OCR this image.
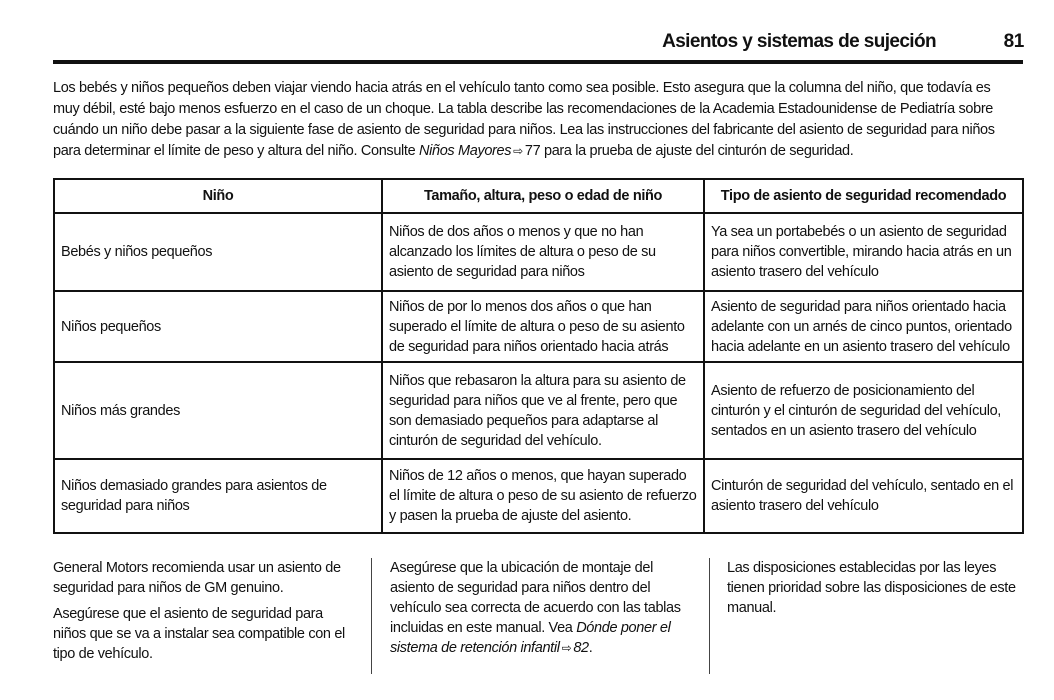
Asientos y sistemas de sujeción	81
Los bebés y niños pequeños deben viajar viendo hacia atrás en el vehículo tanto como sea posible. Esto asegura que la columna del niño, que todavía es
muy débil, esté bajo menos esfuerzo en el caso de un choque. La tabla describe las recomendaciones de la Academia Estadounidense de Pediatría sobre
cuándo un niño debe pasar a la siguiente fase de asiento de seguridad para niños. Lea las instrucciones del fabricante del asiento de seguridad para niños
para determinar el límite de peso y altura del niño. Consulte Niños Mayores ⇨ 77 para la prueba de ajuste del cinturón de seguridad.
Niño	Tamaño, altura, peso o edad de niño	Tipo de asiento de seguridad recomendado
Bebés y niños pequeños	Niños de dos años o menos y que no han alcanzado los límites de altura o peso de su asiento de seguridad para niños	Ya sea un portabebés o un asiento de seguridad para niños convertible, mirando hacia atrás en un asiento trasero del vehículo
Niños pequeños	Niños de por lo menos dos años o que han superado el límite de altura o peso de su asiento de seguridad para niños orientado hacia atrás	Asiento de seguridad para niños orientado hacia adelante con un arnés de cinco puntos, orientado hacia adelante en un asiento trasero del vehículo
Niños más grandes	Niños que rebasaron la altura para su asiento de seguridad para niños que ve al frente, pero que son demasiado pequeños para adaptarse al cinturón de seguridad del vehículo.	Asiento de refuerzo de posicionamiento del cinturón y el cinturón de seguridad del vehículo, sentados en un asiento trasero del vehículo
Niños demasiado grandes para asientos de seguridad para niños	Niños de 12 años o menos, que hayan superado el límite de altura o peso de su asiento de refuerzo y pasen la prueba de ajuste del asiento.	Cinturón de seguridad del vehículo, sentado en el asiento trasero del vehículo

General Motors recomienda usar un asiento de seguridad para niños de GM genuino.

Asegúrese que el asiento de seguridad para niños que se va a instalar sea compatible con el tipo de vehículo.

Asegúrese que la ubicación de montaje del asiento de seguridad para niños dentro del vehículo sea correcta de acuerdo con las tablas incluidas en este manual. Vea Dónde poner el sistema de retención infantil ⇨ 82.

Las disposiciones establecidas por las leyes tienen prioridad sobre las disposiciones de este manual.
